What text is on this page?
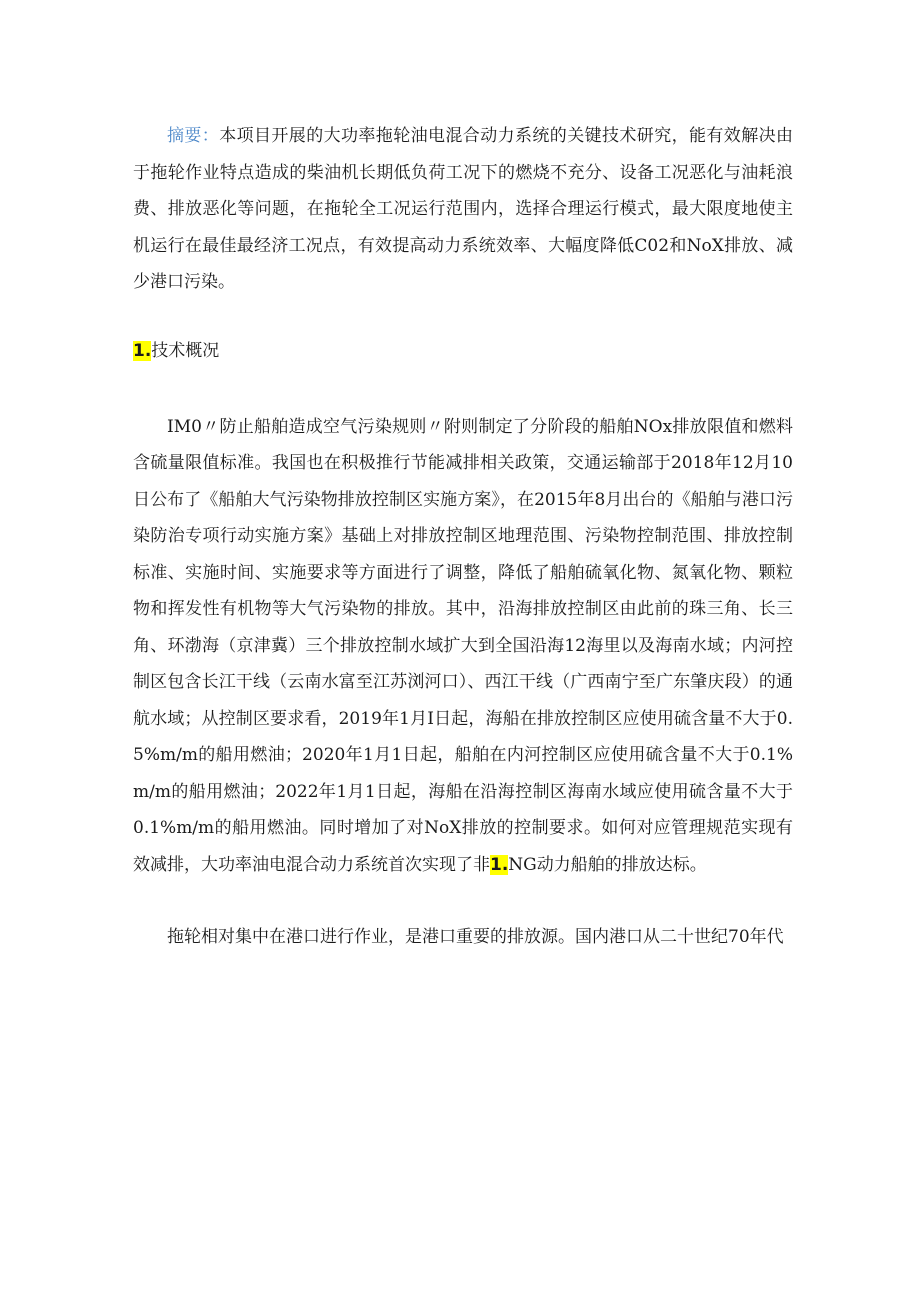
摘要：本项目开展的大功率拖轮油电混合动力系统的关键技术研究，能有效解决由于拖轮作业特点造成的柴油机长期低负荷工况下的燃烧不充分、设备工况恶化与油耗浪费、排放恶化等问题，在拖轮全工况运行范围内，选择合理运行模式，最大限度地使主机运行在最佳最经济工况点，有效提高动力系统效率、大幅度降低C02和NoX排放、减少港口污染。

1.技术概况

IM0〃防止船舶造成空气污染规则〃附则制定了分阶段的船舶NOx排放限值和燃料含硫量限值标准。我国也在积极推行节能减排相关政策，交通运输部于2018年12月10日公布了《船舶大气污染物排放控制区实施方案》，在2015年8月出台的《船舶与港口污染防治专项行动实施方案》基础上对排放控制区地理范围、污染物控制范围、排放控制标准、实施时间、实施要求等方面进行了调整，降低了船舶硫氧化物、氮氧化物、颗粒物和挥发性有机物等大气污染物的排放。其中，沿海排放控制区由此前的珠三角、长三角、环渤海（京津冀）三个排放控制水域扩大到全国沿海12海里以及海南水域；内河控制区包含长江干线（云南水富至江苏浏河口）、西江干线（广西南宁至广东肇庆段）的通航水域；从控制区要求看，2019年1月I日起，海船在排放控制区应使用硫含量不大于0.5%m∕m的船用燃油；2020年1月1日起，船舶在内河控制区应使用硫含量不大于0.1%m∕m的船用燃油；2022年1月1日起，海船在沿海控制区海南水域应使用硫含量不大于0.1%m∕m的船用燃油。同时增加了对NoX排放的控制要求。如何对应管理规范实现有效减排，大功率油电混合动力系统首次实现了非1.NG动力船舶的排放达标。

拖轮相对集中在港口进行作业，是港口重要的排放源。国内港口从二十世纪70年代
